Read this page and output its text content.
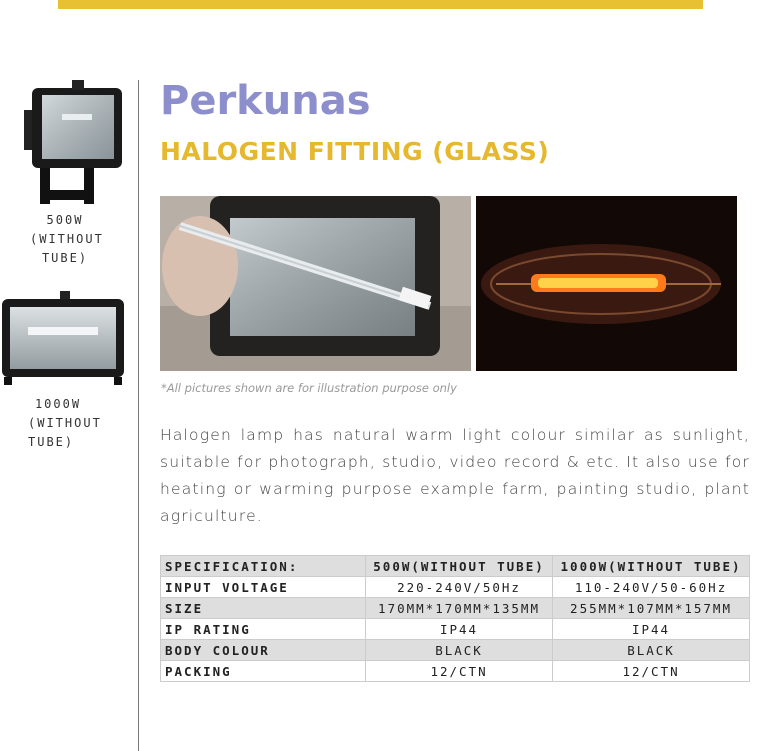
500W
(WITHOUT
TUBE)
1000W
(WITHOUT
TUBE)
Perkunas
HALOGEN FITTING (GLASS)
*All pictures shown are for illustration purpose only
Halogen lamp has natural warm light colour similar as sunlight, suitable for photograph, studio, video record & etc. It also use for heating or warming purpose example farm, painting studio, plant agriculture.
SPECIFICATION:	500W(WITHOUT TUBE)	1000W(WITHOUT TUBE)
INPUT VOLTAGE	220-240V/50Hz	110-240V/50-60Hz
SIZE	170MM*170MM*135MM	255MM*107MM*157MM
IP RATING	IP44	IP44
BODY COLOUR	BLACK	BLACK
PACKING	12/CTN	12/CTN
